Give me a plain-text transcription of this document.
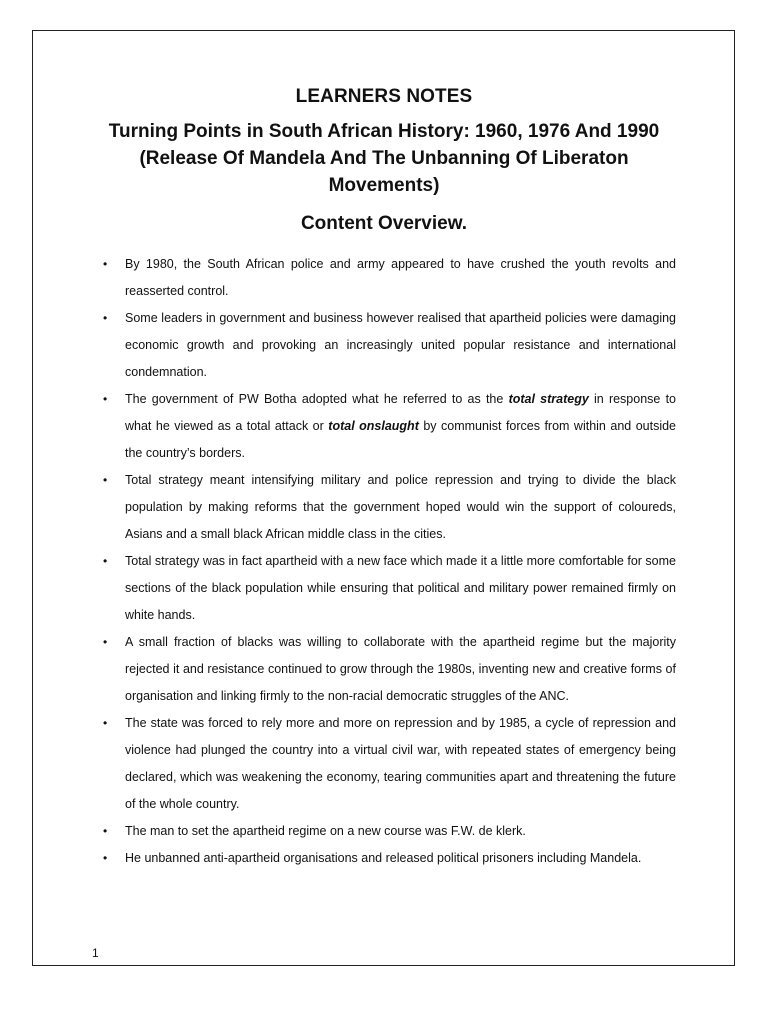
LEARNERS NOTES
Turning Points in South African History: 1960, 1976 And 1990 (Release Of Mandela And The Unbanning Of Liberaton Movements)
Content Overview.
• By 1980, the South African police and army appeared to have crushed the youth revolts and reasserted control.
• Some leaders in government and business however realised that apartheid policies were damaging economic growth and provoking an increasingly united popular resistance and international condemnation.
• The government of PW Botha adopted what he referred to as the total strategy in response to what he viewed as a total attack or total onslaught by communist forces from within and outside the country’s borders.
• Total strategy meant intensifying military and police repression and trying to divide the black population by making reforms that the government hoped would win the support of coloureds, Asians and a small black African middle class in the cities.
• Total strategy was in fact apartheid with a new face which made it a little more comfortable for some sections of the black population while ensuring that political and military power remained firmly on white hands.
• A small fraction of blacks was willing to collaborate with the apartheid regime but the majority rejected it and resistance continued to grow through the 1980s, inventing new and creative forms of organisation and linking firmly to the non-racial democratic struggles of the ANC.
• The state was forced to rely more and more on repression and by 1985, a cycle of repression and violence had plunged the country into a virtual civil war, with repeated states of emergency being declared, which was weakening the economy, tearing communities apart and threatening the future of the whole country.
• The man to set the apartheid regime on a new course was F.W. de klerk.
• He unbanned anti-apartheid organisations and released political prisoners including Mandela.
1
